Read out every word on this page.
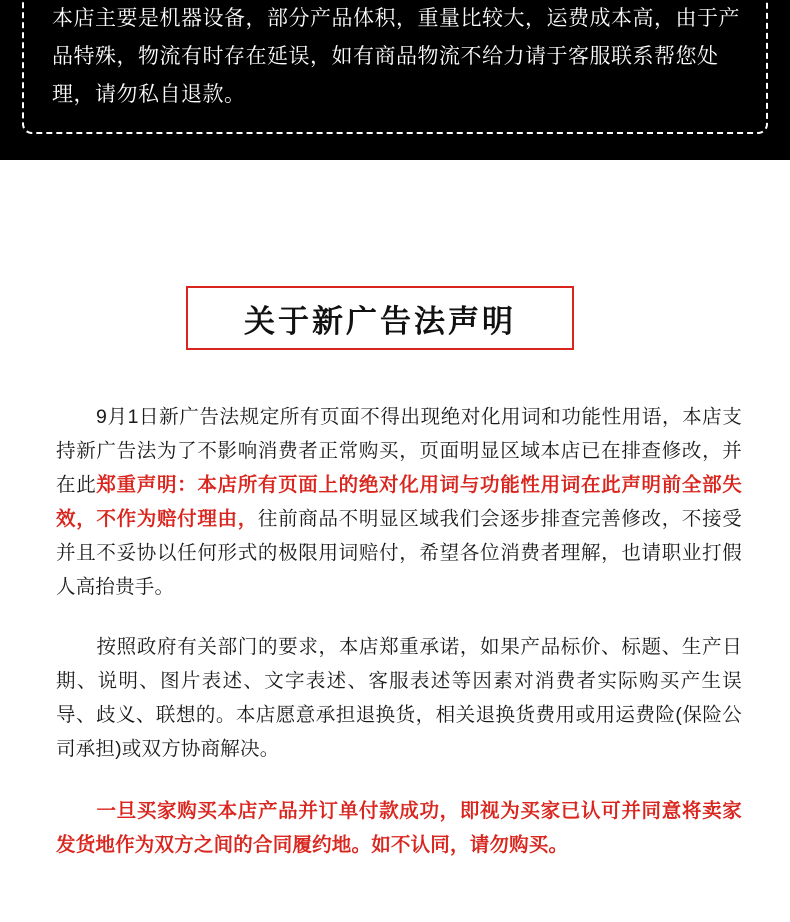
本店主要是机器设备，部分产品体积，重量比较大，运费成本高，由于产品特殊，物流有时存在延误，如有商品物流不给力请于客服联系帮您处理，请勿私自退款。
关于新广告法声明

9月1日新广告法规定所有页面不得出现绝对化用词和功能性用语，本店支持新广告法为了不影响消费者正常购买，页面明显区域本店已在排查修改，并在此郑重声明：本店所有页面上的绝对化用词与功能性用词在此声明前全部失效，不作为赔付理由，往前商品不明显区域我们会逐步排查完善修改，不接受并且不妥协以任何形式的极限用词赔付，希望各位消费者理解，也请职业打假人高抬贵手。

按照政府有关部门的要求，本店郑重承诺，如果产品标价、标题、生产日期、说明、图片表述、文字表述、客服表述等因素对消费者实际购买产生误导、歧义、联想的。本店愿意承担退换货，相关退换货费用或用运费险(保险公司承担)或双方协商解决。

一旦买家购买本店产品并订单付款成功，即视为买家已认可并同意将卖家发货地作为双方之间的合同履约地。如不认同，请勿购买。
